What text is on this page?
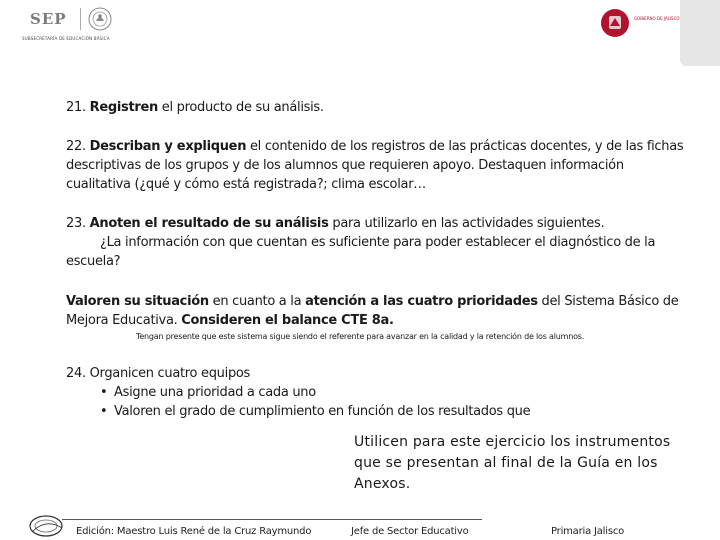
SEP
SUBSECRETARÍA DE EDUCACIÓN BÁSICA
GOBIERNO DE JALISCO
21. Registren el producto de su análisis.
22. Describan y expliquen el contenido de los registros de las prácticas docentes, y de las fichas
descriptivas de los grupos y de los alumnos que requieren apoyo. Destaquen información
cualitativa (¿qué y cómo está registrada?; clima escolar…
23. Anoten el resultado de su análisis para utilizarlo en las actividades siguientes.
¿La información con que cuentan es suficiente para poder establecer el diagnóstico de la
escuela?
Valoren su situación en cuanto a la atención a las cuatro prioridades del Sistema Básico de
Mejora Educativa. Consideren el balance CTE 8a.
Tengan presente que este sistema sigue siendo el referente para avanzar en la calidad y la retención de los alumnos.
24. Organicen cuatro equipos
• Asigne una prioridad a cada uno
• Valoren el grado de cumplimiento en función de los resultados que
Utilicen para este ejercicio los instrumentos
que se presentan al final de la Guía en los
Anexos.
Edición: Maestro Luis René de la Cruz Raymundo	Jefe de Sector Educativo	Primaria Jalisco
